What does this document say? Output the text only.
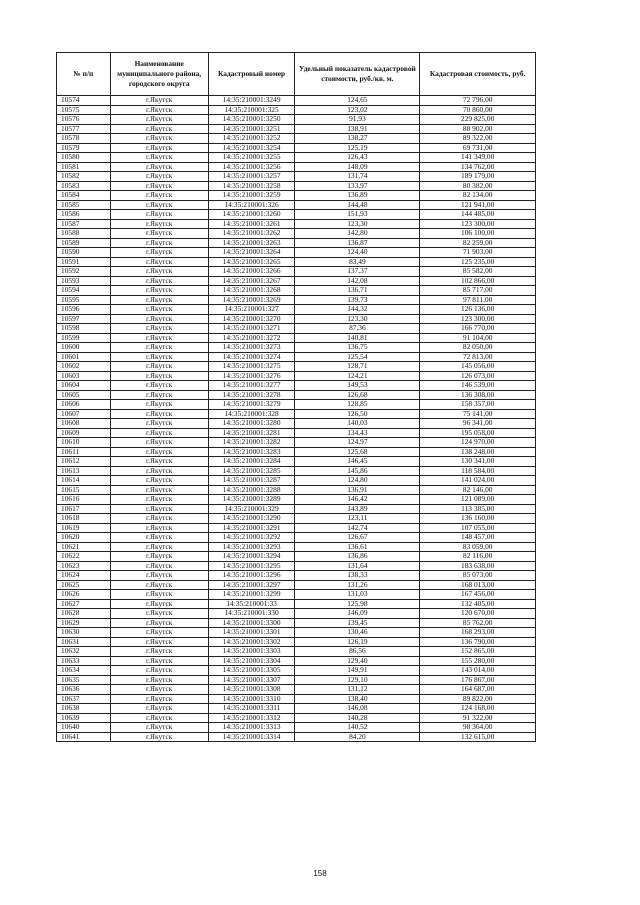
№ п/п	Наименование муниципального района, городского округа	Кадастровый номер	Удельный показатель кадастровой стоимости, руб./кв. м.	Кадастровая стоимость, руб.
10574	г.Якутск	14:35:210001:3249	124,65	72 796,00
10575	г.Якутск	14:35:210001:325	123,02	70 860,00
10576	г.Якутск	14:35:210001:3250	91,93	229 825,00
10577	г.Якутск	14:35:210001:3251	138,91	88 902,00
10578	г.Якутск	14:35:210001:3252	138,27	89 322,00
10579	г.Якутск	14:35:210001:3254	125,19	69 731,00
10580	г.Якутск	14:35:210001:3255	126,43	141 349,00
10581	г.Якутск	14:35:210001:3256	148,09	134 762,00
10582	г.Якутск	14:35:210001:3257	131,74	189 179,00
10583	г.Якутск	14:35:210001:3258	133,97	80 382,00
10584	г.Якутск	14:35:210001:3259	136,89	82 134,00
10585	г.Якутск	14:35:210001:326	144,48	121 941,00
10586	г.Якутск	14:35:210001:3260	151,93	144 485,00
10587	г.Якутск	14:35:210001:3261	123,30	123 300,00
10588	г.Якутск	14:35:210001:3262	142,80	106 100,00
10589	г.Якутск	14:35:210001:3263	136,87	82 259,00
10590	г.Якутск	14:35:210001:3264	124,40	71 903,00
10591	г.Якутск	14:35:210001:3265	83,49	125 235,00
10592	г.Якутск	14:35:210001:3266	137,37	85 582,00
10593	г.Якутск	14:35:210001:3267	142,08	102 866,00
10594	г.Якутск	14:35:210001:3268	136,71	85 717,00
10595	г.Якутск	14:35:210001:3269	139,73	97 811,00
10596	г.Якутск	14:35:210001:327	144,32	126 136,00
10597	г.Якутск	14:35:210001:3270	123,30	123 300,00
10598	г.Якутск	14:35:210001:3271	87,36	166 770,00
10599	г.Якутск	14:35:210001:3272	140,81	91 104,00
10600	г.Якутск	14:35:210001:3273	136,75	82 050,00
10601	г.Якутск	14:35:210001:3274	125,54	72 813,00
10602	г.Якутск	14:35:210001:3275	128,71	145 056,00
10603	г.Якутск	14:35:210001:3276	124,21	126 073,00
10604	г.Якутск	14:35:210001:3277	149,53	146 539,00
10605	г.Якутск	14:35:210001:3278	126,68	136 308,00
10606	г.Якутск	14:35:210001:3279	128,85	158 357,00
10607	г.Якутск	14:35:210001:328	126,50	75 141,00
10608	г.Якутск	14:35:210001:3280	140,03	96 341,00
10609	г.Якутск	14:35:210001:3281	134,43	195 058,00
10610	г.Якутск	14:35:210001:3282	124,97	124 970,00
10611	г.Якутск	14:35:210001:3283	125,68	138 248,00
10612	г.Якутск	14:35:210001:3284	146,45	130 341,00
10613	г.Якутск	14:35:210001:3285	145,86	118 584,00
10614	г.Якутск	14:35:210001:3287	124,80	141 024,00
10615	г.Якутск	14:35:210001:3288	136,91	82 146,00
10616	г.Якутск	14:35:210001:3289	146,42	121 089,00
10617	г.Якутск	14:35:210001:329	143,89	113 385,00
10618	г.Якутск	14:35:210001:3290	123,11	136 160,00
10619	г.Якутск	14:35:210001:3291	142,74	107 055,00
10620	г.Якутск	14:35:210001:3292	126,67	148 457,00
10621	г.Якутск	14:35:210001:3293	136,61	83 059,00
10622	г.Якутск	14:35:210001:3294	136,86	82 116,00
10623	г.Якутск	14:35:210001:3295	131,64	183 638,00
10624	г.Якутск	14:35:210001:3296	138,33	85 073,00
10625	г.Якутск	14:35:210001:3297	131,26	168 013,00
10626	г.Якутск	14:35:210001:3299	131,03	167 456,00
10627	г.Якутск	14:35:210001:33	125,98	132 405,00
10628	г.Якутск	14:35:210001:330	146,09	120 670,00
10629	г.Якутск	14:35:210001:3300	139,45	85 762,00
10630	г.Якутск	14:35:210001:3301	130,46	168 293,00
10631	г.Якутск	14:35:210001:3302	126,19	136 790,00
10632	г.Якутск	14:35:210001:3303	86,56	152 865,00
10633	г.Якутск	14:35:210001:3304	129,40	155 280,00
10634	г.Якутск	14:35:210001:3305	149,91	143 014,00
10635	г.Якутск	14:35:210001:3307	129,10	176 867,00
10636	г.Якутск	14:35:210001:3308	131,12	164 687,00
10637	г.Якутск	14:35:210001:3310	138,40	89 822,00
10638	г.Якутск	14:35:210001:3311	146,08	124 168,00
10639	г.Якутск	14:35:210001:3312	140,28	91 322,00
10640	г.Якутск	14:35:210001:3313	140,52	98 364,00
10641	г.Якутск	14:35:210001:3314	84,20	132 615,00
158
